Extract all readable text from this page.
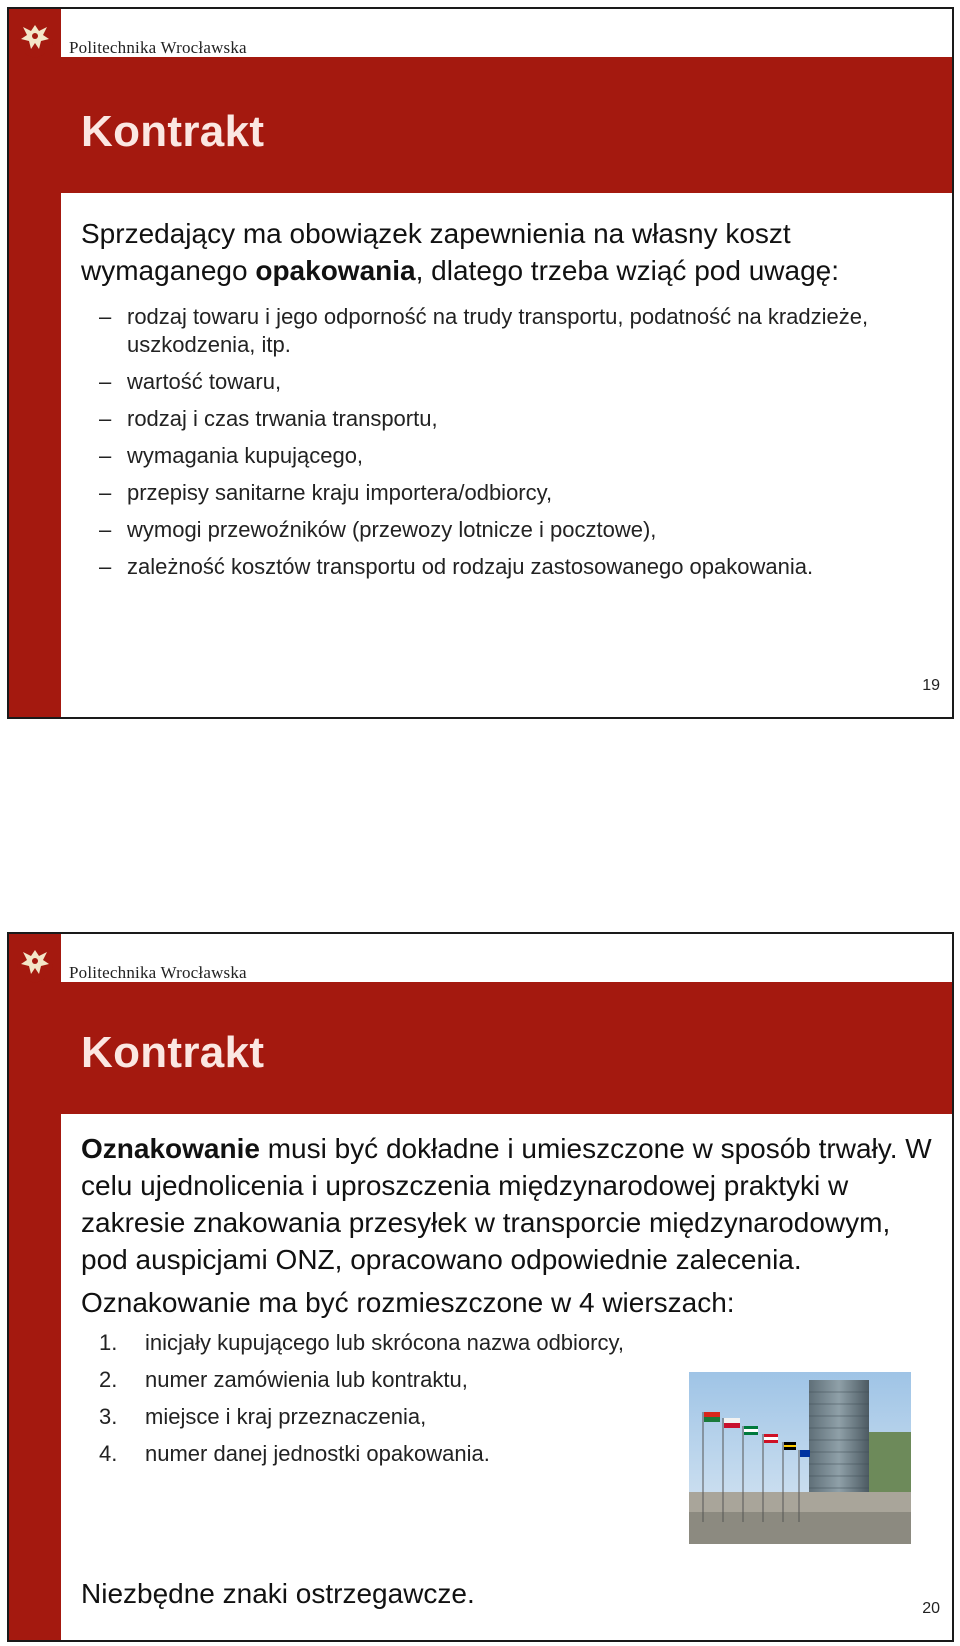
Politechnika Wrocławska
Kontrakt

Sprzedający ma obowiązek zapewnienia na własny koszt wymaganego opakowania, dlatego trzeba wziąć pod uwagę:

– rodzaj towaru i jego odporność na trudy transportu, podatność na kradzieże, uszkodzenia, itp.
– wartość towaru,
– rodzaj i czas trwania transportu,
– wymagania kupującego,
– przepisy sanitarne kraju importera/odbiorcy,
– wymogi przewoźników (przewozy lotnicze i pocztowe),
– zależność kosztów transportu od rodzaju zastosowanego opakowania.
19
Politechnika Wrocławska
Kontrakt

Oznakowanie musi być dokładne i umieszczone w sposób trwały. W celu ujednolicenia i uproszczenia międzynarodowej praktyki w zakresie znakowania przesyłek w transporcie międzynarodowym, pod auspicjami ONZ, opracowano odpowiednie zalecenia.

Oznakowanie ma być rozmieszczone w 4 wierszach:

1. inicjały kupującego lub skrócona nazwa odbiorcy,
2. numer zamówienia lub kontraktu,
3. miejsce i kraj przeznaczenia,
4. numer danej jednostki opakowania.
Niezbędne znaki ostrzegawcze.	20
